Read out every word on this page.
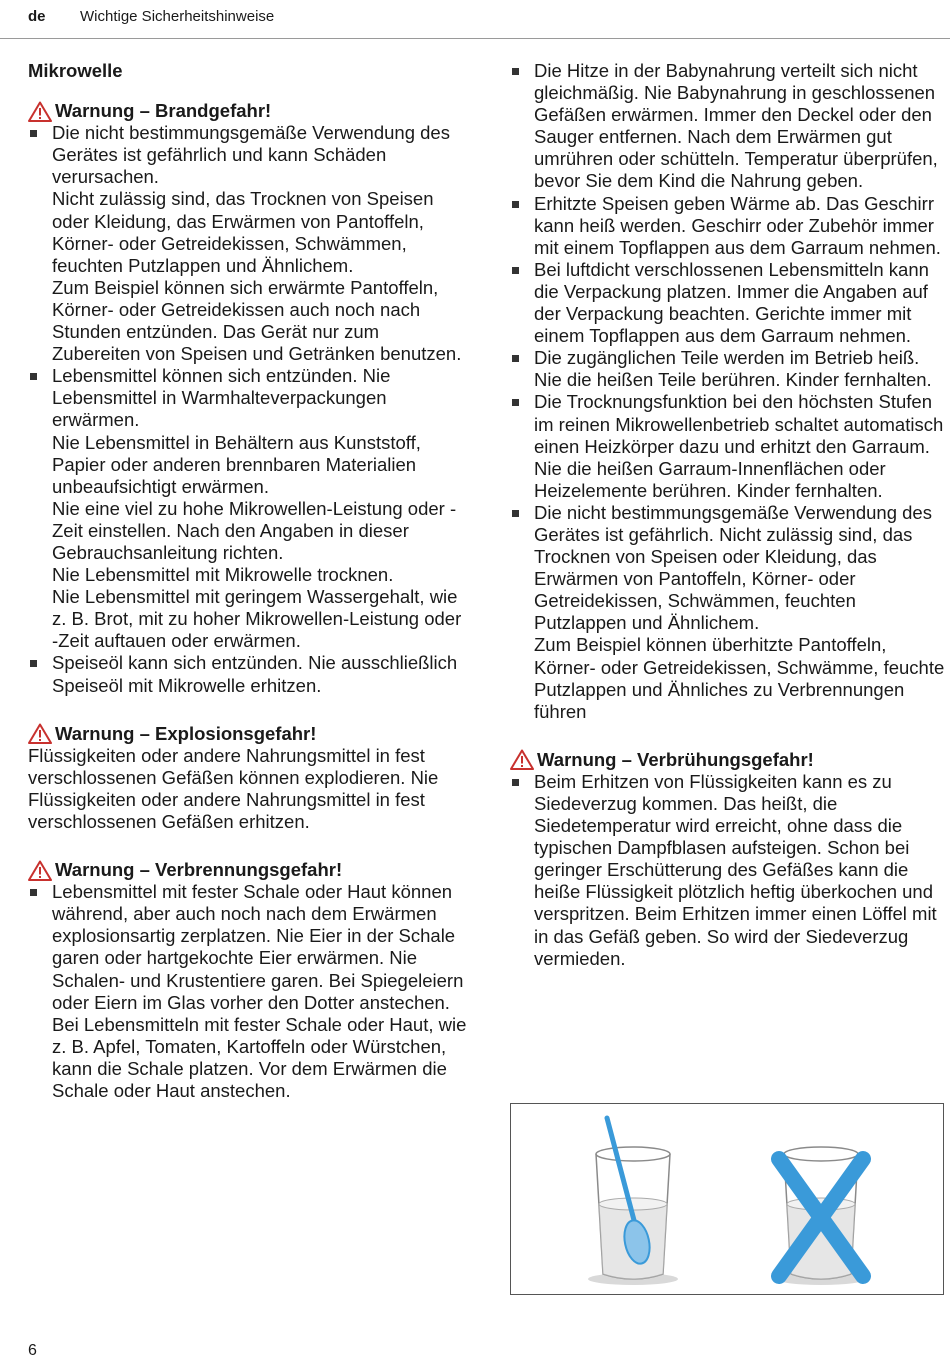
de Wichtige Sicherheitshinweise
Mikrowelle
Warnung – Brandgefahr!

Die nicht bestimmungsgemäße Verwendung des Gerätes ist gefährlich und kann Schäden verursachen.

Nicht zulässig sind, das Trocknen von Speisen oder Kleidung, das Erwärmen von Pantoffeln, Körner- oder Getreidekissen, Schwämmen, feuchten Putzlappen und Ähnlichem.

Zum Beispiel können sich erwärmte Pantoffeln, Körner- oder Getreidekissen auch noch nach Stunden entzünden. Das Gerät nur zum Zubereiten von Speisen und Getränken benutzen.

Lebensmittel können sich entzünden. Nie Lebensmittel in Warmhalteverpackungen erwärmen.

Nie Lebensmittel in Behältern aus Kunststoff, Papier oder anderen brennbaren Materialien unbeaufsichtigt erwärmen.

Nie eine viel zu hohe Mikrowellen-Leistung oder -Zeit einstellen. Nach den Angaben in dieser Gebrauchsanleitung richten.

Nie Lebensmittel mit Mikrowelle trocknen.

Nie Lebensmittel mit geringem Wassergehalt, wie z. B. Brot, mit zu hoher Mikrowellen-Leistung oder -Zeit auftauen oder erwärmen.

Speiseöl kann sich entzünden. Nie ausschließlich Speiseöl mit Mikrowelle erhitzen.

Warnung – Explosionsgefahr!

Flüssigkeiten oder andere Nahrungsmittel in fest verschlossenen Gefäßen können explodieren. Nie Flüssigkeiten oder andere Nahrungsmittel in fest verschlossenen Gefäßen erhitzen.

Warnung – Verbrennungsgefahr!

Lebensmittel mit fester Schale oder Haut können während, aber auch noch nach dem Erwärmen explosionsartig zerplatzen. Nie Eier in der Schale garen oder hartgekochte Eier erwärmen. Nie Schalen- und Krustentiere garen. Bei Spiegeleiern oder Eiern im Glas vorher den Dotter anstechen. Bei Lebensmitteln mit fester Schale oder Haut, wie z. B. Apfel, Tomaten, Kartoffeln oder Würstchen, kann die Schale platzen. Vor dem Erwärmen die Schale oder Haut anstechen.

Die Hitze in der Babynahrung verteilt sich nicht gleichmäßig. Nie Babynahrung in geschlossenen Gefäßen erwärmen. Immer den Deckel oder den Sauger entfernen. Nach dem Erwärmen gut umrühren oder schütteln. Temperatur überprüfen, bevor Sie dem Kind die Nahrung geben.

Erhitzte Speisen geben Wärme ab. Das Geschirr kann heiß werden. Geschirr oder Zubehör immer mit einem Topflappen aus dem Garraum nehmen.

Bei luftdicht verschlossenen Lebensmitteln kann die Verpackung platzen. Immer die Angaben auf der Verpackung beachten. Gerichte immer mit einem Topflappen aus dem Garraum nehmen.

Die zugänglichen Teile werden im Betrieb heiß. Nie die heißen Teile berühren. Kinder fernhalten.

Die Trocknungsfunktion bei den höchsten Stufen im reinen Mikrowellenbetrieb schaltet automatisch einen Heizkörper dazu und erhitzt den Garraum. Nie die heißen Garraum-Innenflächen oder Heizelemente berühren. Kinder fernhalten.

Die nicht bestimmungsgemäße Verwendung des Gerätes ist gefährlich. Nicht zulässig sind, das Trocknen von Speisen oder Kleidung, das Erwärmen von Pantoffeln, Körner- oder Getreidekissen, Schwämmen, feuchten Putzlappen und Ähnlichem.

Zum Beispiel können überhitzte Pantoffeln, Körner- oder Getreidekissen, Schwämme, feuchte Putzlappen und Ähnliches zu Verbrennungen führen

Warnung – Verbrühungsgefahr!

Beim Erhitzen von Flüssigkeiten kann es zu Siedeverzug kommen. Das heißt, die Siedetemperatur wird erreicht, ohne dass die typischen Dampfblasen aufsteigen. Schon bei geringer Erschütterung des Gefäßes kann die heiße Flüssigkeit plötzlich heftig überkochen und verspritzen. Beim Erhitzen immer einen Löffel mit in das Gefäß geben. So wird der Siedeverzug vermieden.

6
